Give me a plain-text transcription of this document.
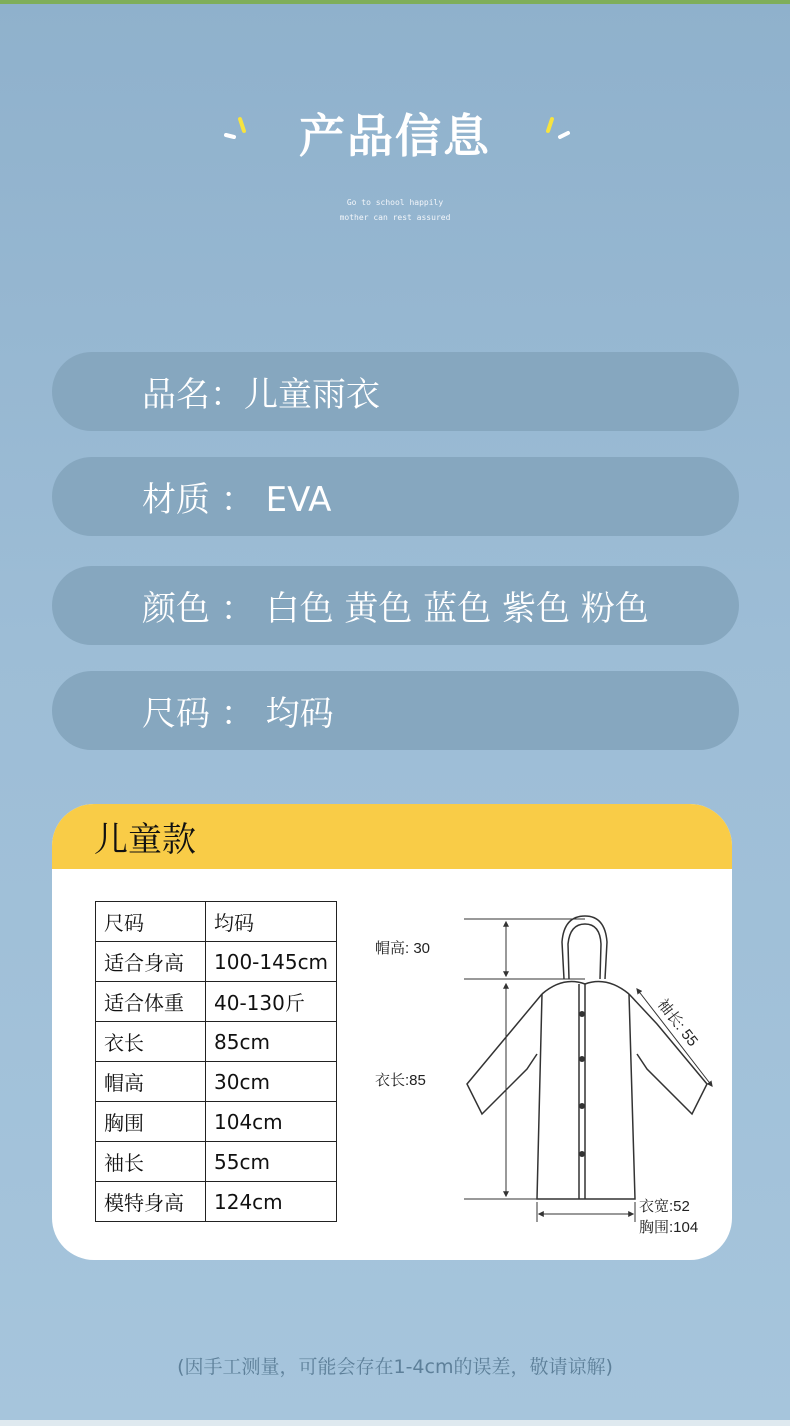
产品信息
Go to school happily
mother can rest assured
品名：儿童雨衣
材质 ： EVA
颜色 ： 白色 黄色 蓝色 紫色 粉色
尺码 ： 均码
儿童款
尺码	均码
适合身高	100-145cm
适合体重	40-130斤
衣长	85cm
帽高	30cm
胸围	104cm
袖长	55cm
模特身高	124cm
帽高: 30
衣长:85
袖长: 55
衣宽:52
胸围:104
(因手工测量，可能会存在1-4cm的误差，敬请谅解)
